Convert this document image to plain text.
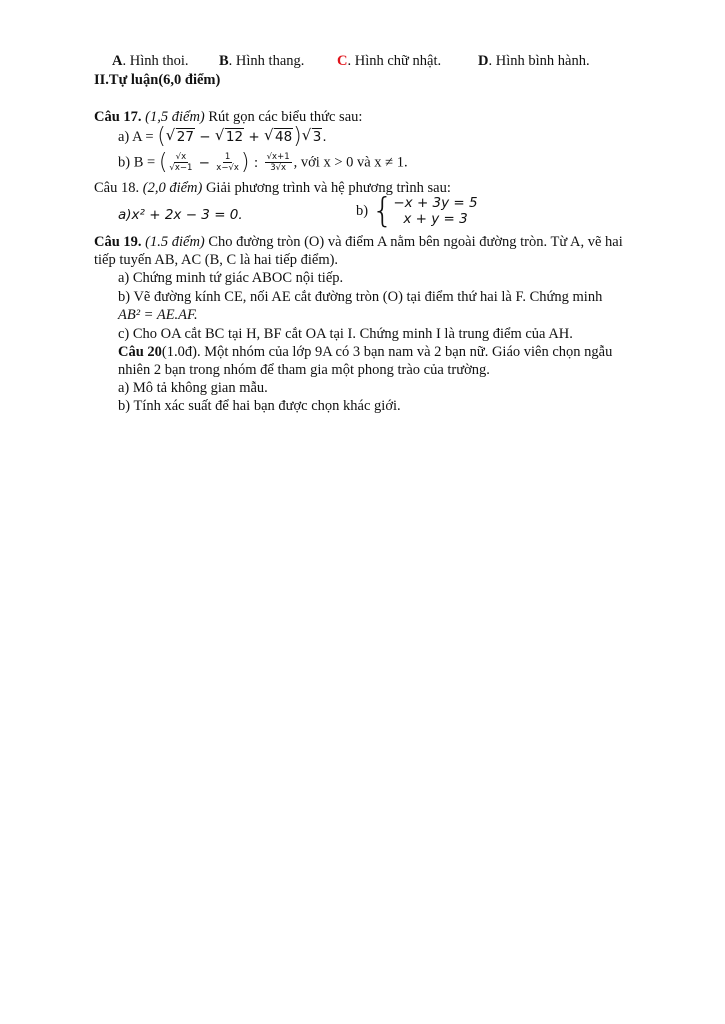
A. Hình thoi. B. Hình thang. C. Hình chữ nhật.	D. Hình bình hành.
II.Tự luận(6,0 điểm)
Câu 17. (1,5 điểm) Rút gọn các biểu thức sau:
a) A = ( √ 27 − √ 12 + √ 48) √ 3.
b) B = ( $\frac{√x}{√x-1} - \frac{1}{x-√x}$ ) : $\frac{√x+1}{3√x}$ , với x > 0 và x ≠ 1.
Câu 18. (2,0 điểm) Giải phương trình và hệ phương trình sau:
a)x² + 2x − 3 = 0.	b) { −x + 3y = 5
x + y = 3
Câu 19. (1.5 điểm) Cho đường tròn (O) và điểm A nằm bên ngoài đường tròn. Từ A, vẽ hai
tiếp tuyến AB, AC (B, C là hai tiếp điểm).
a) Chứng minh tứ giác ABOC nội tiếp.
b) Vẽ đường kính CE, nối AE cắt đường tròn (O) tại điểm thứ hai là F. Chứng minh
AB² = AE.AF.
c) Cho OA cắt BC tại H, BF cắt OA tại I. Chứng minh I là trung điểm của AH.
Câu 20(1.0đ). Một nhóm của lớp 9A có 3 bạn nam và 2 bạn nữ. Giáo viên chọn ngẫu
nhiên 2 bạn trong nhóm để tham gia một phong trào của trường.
a) Mô tả không gian mẫu.
b) Tính xác suất để hai bạn được chọn khác giới.
